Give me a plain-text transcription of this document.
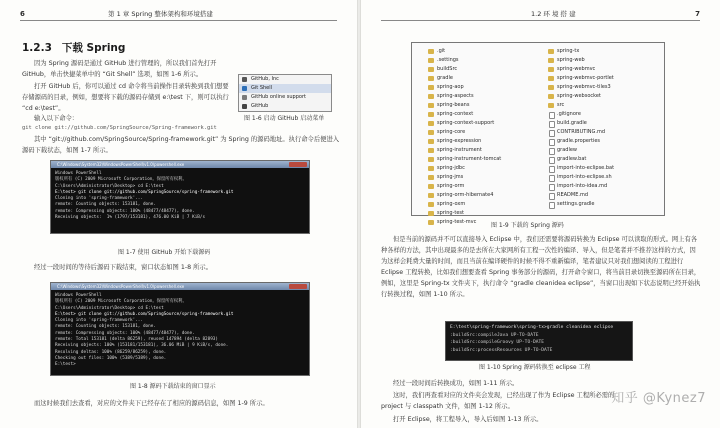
6	第 1 章 Spring 整体架构和环境搭建
1.2.3 下载 Spring
因为 Spring 源码是通过 GitHub 进行管理的，所以我们首先打开 GitHub，单击快捷菜单中的 “Git Shell” 选项，如图 1-6 所示。
打开 GitHub 后，你可以通过 cd 命令将当前操作目录转换到我们想要存储源码的目录，例如，想要将下载的源码存储到 e:\test 下，则可以执行 “cd e:\test”。
输入以下命令：
git clone git://github.com/SpringSource/Spring-framework.git
其中 “git://github.com/SpringSource/Spring-framework.git” 为 Spring 的源码地址。执行命令后便进入源码下载状态，如图 1-7 所示。
GitHub, Inc
Git Shell
GitHub online support
GitHub
图 1-6 启动 GitHub 启动菜单
C:\Windows\System32\WindowsPowerShell\v1.0\powershell.exe
Windows PowerShell
版权所有 (C) 2009 Microsoft Corporation。保留所有权利。
C:\Users\Administrator\Desktop> cd E:\test
E:\test> git clone git://github.com/SpringSource/spring-framework.git
Cloning into 'spring-framework'...
remote: Counting objects: 153181, done.
remote: Compressing objects: 100% (48477/48477), done.
Receiving objects:  1% (1797/153181), 476.00 KiB | 7 KiB/s
图 1-7 使用 GitHub 开始下载源码
经过一段时间的等待后源码下载结束，窗口状态如图 1-8 所示。
C:\Windows\System32\WindowsPowerShell\v1.0\powershell.exe
Windows PowerShell
版权所有 (C) 2009 Microsoft Corporation。保留所有权利。
C:\Users\Administrator\Desktop> cd E:\test
E:\test> git clone git://github.com/SpringSource/spring-framework.git
Cloning into 'spring-framework'...
remote: Counting objects: 153181, done.
remote: Compressing objects: 100% (48477/48477), done.
remote: Total 153181 (delta 86259), reused 147894 (delta 82893)
Receiving objects: 100% (153181/153181), 36.06 MiB | 9 KiB/s, done.
Resolving deltas: 100% (86259/86259), done.
Checking out files: 100% (5389/5389), done.
E:\test>
图 1-8 源码下载结束的窗口显示
而这时候我们去查看，对应的文件夹下已经存在了相应的源码信息，如图 1-9 所示。
1.2 环 境 搭 建	7
.git
.settings
buildSrc
gradle
spring-aop
spring-aspects
spring-beans
spring-context
spring-context-support
spring-core
spring-expression
spring-instrument
spring-instrument-tomcat
spring-jdbc
spring-jms
spring-orm
spring-orm-hibernate4
spring-oxm
spring-test
spring-test-mvc
spring-tx
spring-web
spring-webmvc
spring-webmvc-portlet
spring-webmvc-tiles3
spring-websocket
src
.gitignore
build.gradle
CONTRIBUTING.md
gradle.properties
gradlew
gradlew.bat
import-into-eclipse.bat
import-into-eclipse.sh
import-into-idea.md
README.md
settings.gradle
图 1-9 下载的 Spring 源码
但是当前的源码并不可以直接导入 Eclipse 中，我们还需要将源码转换为 Eclipse 可以读取的形式。网上有各种各样的方法，其中出现最多的是去所在大家网所有工程一次性的编译、导入，但是笔者并不推荐这样的方式，因为这样会耗费大量的时间，而且当前在编译硬件的时候不得不重新编译，笔者建议只对我们想阅读的工程进行 Eclipse 工程转换，比如我们想要查看 Spring 事务部分的源码，打开命令窗口，将当前目录切换至源码所在目录，例如，这里是 Spring-tx 文件夹下，执行命令 “gradle cleanidea eclipse”，当窗口出现如下状态说明已经开始执行转换过程，如图 1-10 所示。
E:\test\spring-framework\spring-tx>gradle cleanidea eclipse
:buildSrc:compileJava UP-TO-DATE
:buildSrc:compileGroovy UP-TO-DATE
:buildSrc:processResources UP-TO-DATE
图 1-10 Spring 源码转换至 eclipse 工程
经过一段时间后转换成功，如图 1-11 所示。
这时，我们再查看对应的文件夹会发现，已经出现了作为 Eclipse 工程所必需的 project 与 classpath 文件，如图 1-12 所示。
打开 Eclipse，将工程导入，导入后如图 1-13 所示。
知乎 @Kynez7
